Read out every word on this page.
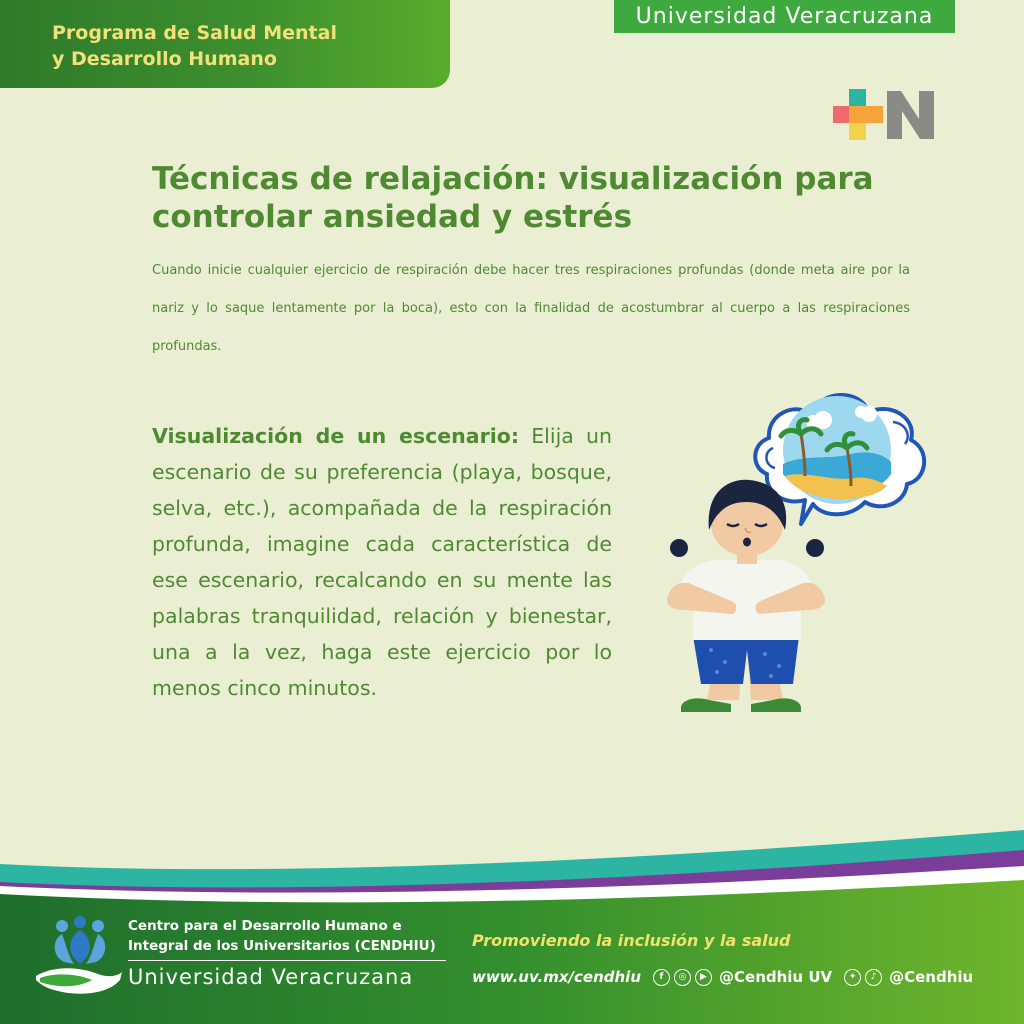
Programa de Salud Mental
y Desarrollo Humano
Universidad Veracruzana
Técnicas de relajación: visualización para
controlar ansiedad y estrés

Cuando inicie cualquier ejercicio de respiración debe hacer tres respiraciones profundas (donde meta aire por la nariz y lo saque lentamente por la boca), esto con la finalidad de acostumbrar al cuerpo a las respiraciones profundas.

Visualización de un escenario: Elija un escenario de su preferencia (playa, bosque, selva, etc.), acompañada de la respiración profunda, imagine cada característica de ese escenario, recalcando en su mente las palabras tranquilidad, relación y bienestar, una a la vez, haga este ejercicio por lo menos cinco minutos.

Centro para el Desarrollo Humano e
Integral de los Universitarios (CENDHIU)
Universidad Veracruzana
Promoviendo la inclusión y la salud
www.uv.mx/cendhiu	f	◎	▶ @Cendhiu UV	✦	♪ @Cendhiu
